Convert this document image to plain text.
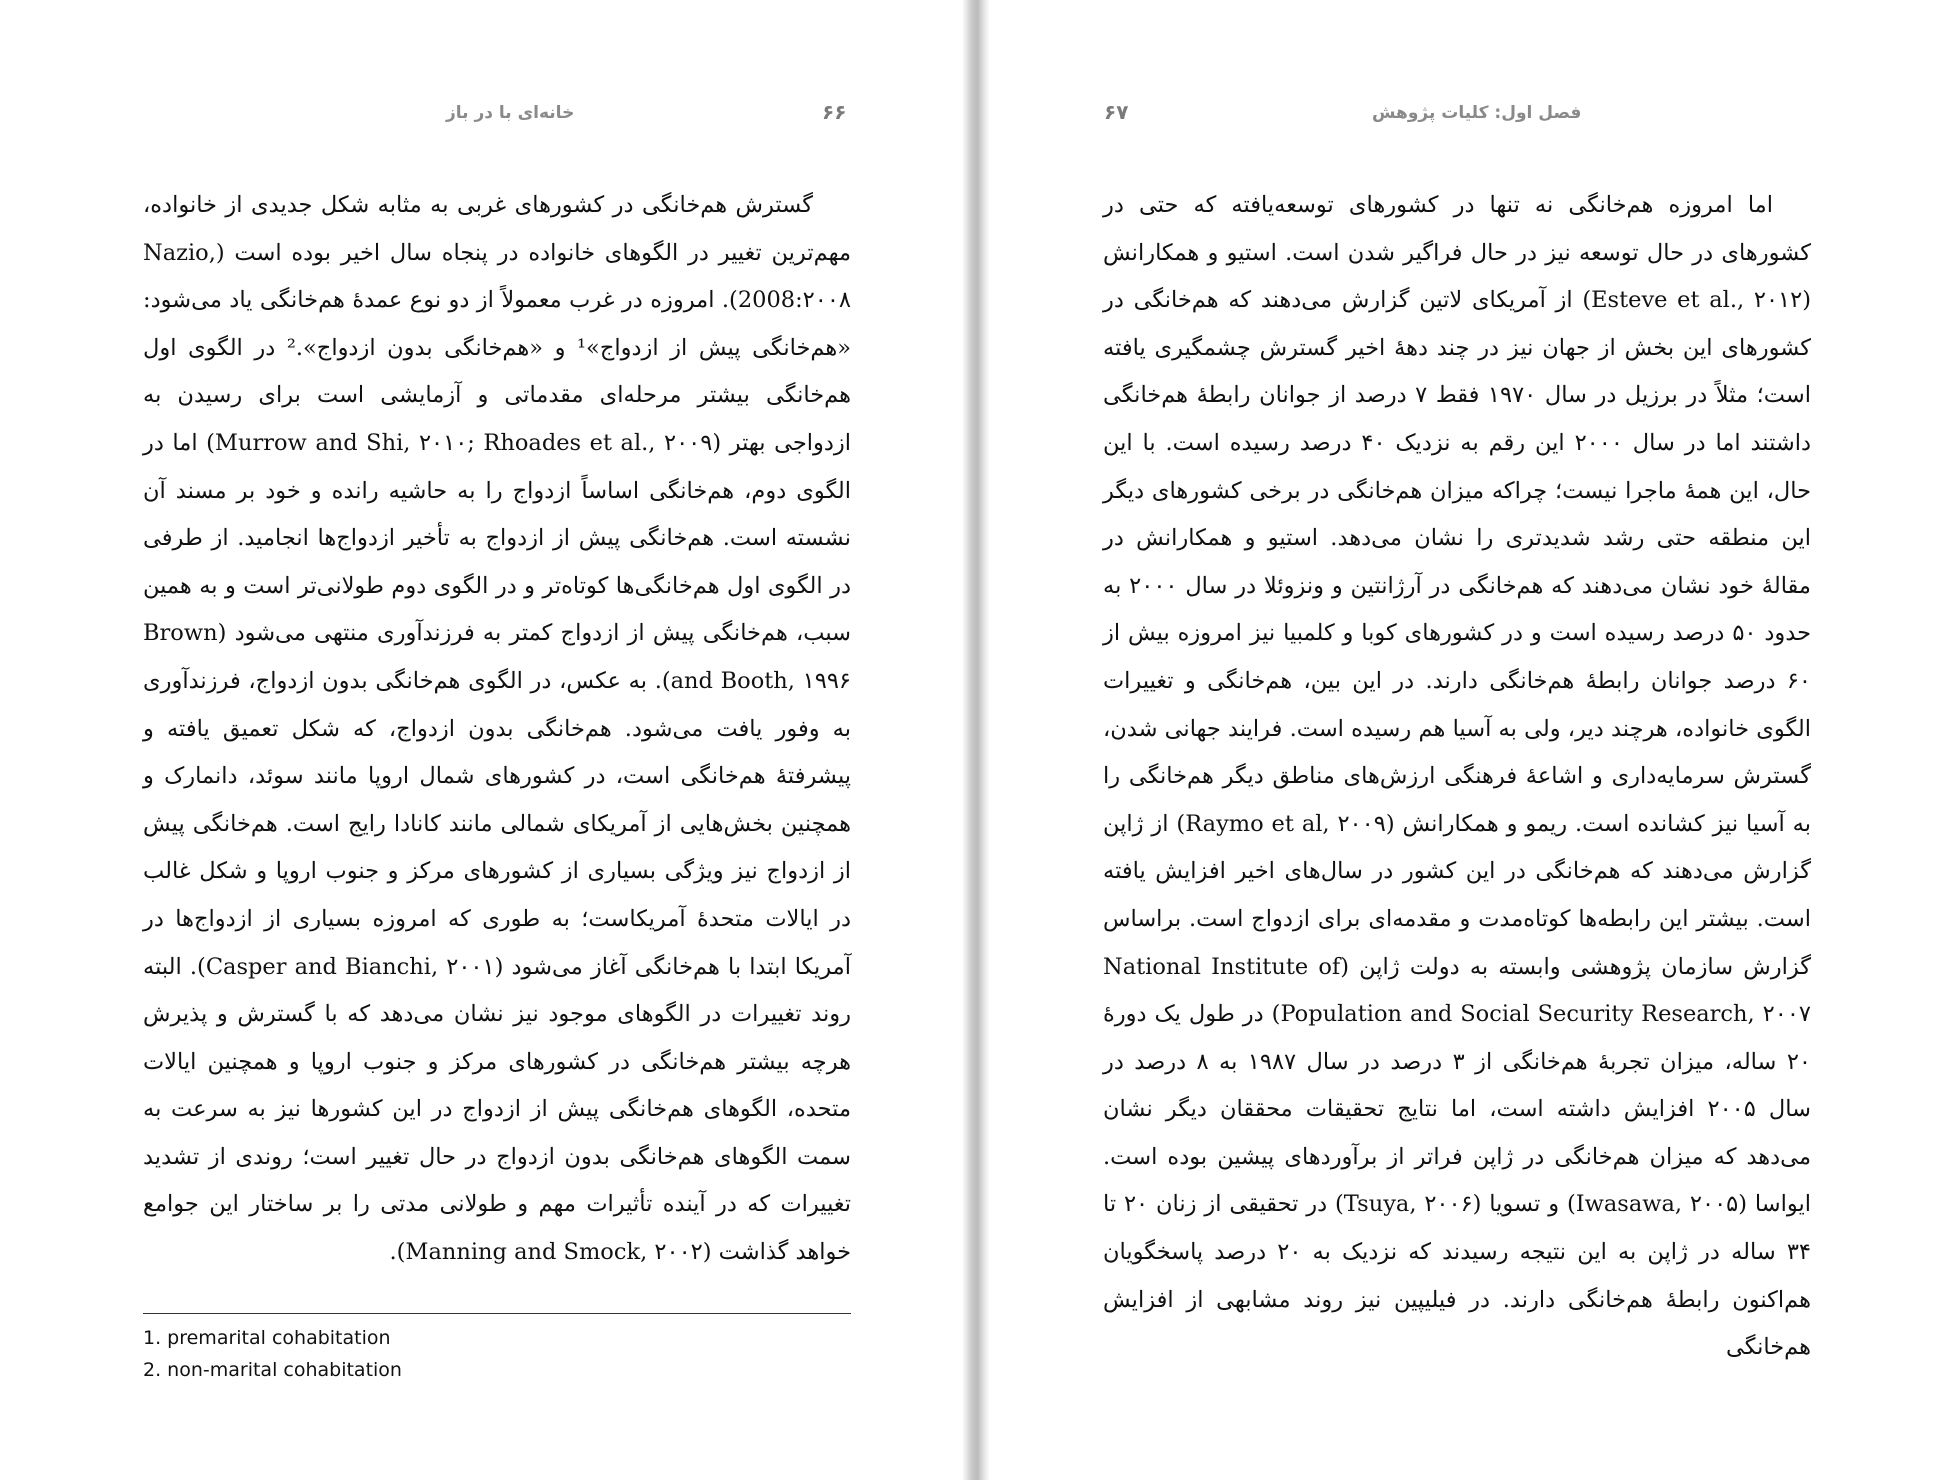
خانه‌ای با در باز	۶۶

گسترش هم‌خانگی در کشورهای غربی به مثابه شکل جدیدی از خانواده، مهم‌ترین تغییر در الگوهای خانواده در پنجاه سال اخیر بوده است (Nazio, 2008:۲۰۰۸). امروزه در غرب معمولاً از دو نوع عمدهٔ هم‌خانگی یاد می‌شود: «هم‌خانگی پیش از ازدواج»¹ و «هم‌خانگی بدون ازدواج».² در الگوی اول هم‌خانگی بیشتر مرحله‌ای مقدماتی و آزمایشی است برای رسیدن به ازدواجی بهتر (Murrow and Shi, ۲۰۱۰; Rhoades et al., ۲۰۰۹) اما در الگوی دوم، هم‌خانگی اساساً ازدواج را به حاشیه رانده و خود بر مسند آن نشسته است. هم‌خانگی پیش از ازدواج به تأخیر ازدواج‌ها انجامید. از طرفی در الگوی اول هم‌خانگی‌ها کوتاه‌تر و در الگوی دوم طولانی‌تر است و به همین سبب، هم‌خانگی پیش از ازدواج کمتر به فرزندآوری منتهی می‌شود (Brown and Booth, ۱۹۹۶). به عکس، در الگوی هم‌خانگی بدون ازدواج، فرزندآوری به وفور یافت می‌شود. هم‌خانگی بدون ازدواج، که شکل تعمیق یافته و پیشرفتهٔ هم‌خانگی است، در کشورهای شمال اروپا مانند سوئد، دانمارک و همچنین بخش‌هایی از آمریکای شمالی مانند کانادا رایج است. هم‌خانگی پیش از ازدواج نیز ویژگی بسیاری از کشورهای مرکز و جنوب اروپا و شکل غالب در ایالات متحدهٔ آمریکاست؛ به طوری که امروزه بسیاری از ازدواج‌ها در آمریکا ابتدا با هم‌خانگی آغاز می‌شود (Casper and Bianchi, ۲۰۰۱). البته روند تغییرات در الگوهای موجود نیز نشان می‌دهد که با گسترش و پذیرش هرچه بیشتر هم‌خانگی در کشورهای مرکز و جنوب اروپا و همچنین ایالات متحده، الگوهای هم‌خانگی پیش از ازدواج در این کشورها نیز به سرعت به سمت الگوهای هم‌خانگی بدون ازدواج در حال تغییر است؛ روندی از تشدید تغییرات که در آینده تأثیرات مهم و طولانی مدتی را بر ساختار این جوامع خواهد گذاشت (Manning and Smock, ۲۰۰۲).

1. premarital cohabitation
2. non-marital cohabitation
فصل اول: کلیات پژوهش
۶۷

اما امروزه هم‌خانگی نه تنها در کشورهای توسعه‌یافته که حتی در کشورهای در حال توسعه نیز در حال فراگیر شدن است. استیو و همکارانش (Esteve et al., ۲۰۱۲) از آمریکای لاتین گزارش می‌دهند که هم‌خانگی در کشورهای این بخش از جهان نیز در چند دههٔ اخیر گسترش چشمگیری یافته است؛ مثلاً در برزیل در سال ۱۹۷۰ فقط ۷ درصد از جوانان رابطهٔ هم‌خانگی داشتند اما در سال ۲۰۰۰ این رقم به نزدیک ۴۰ درصد رسیده است. با این حال، این همهٔ ماجرا نیست؛ چراکه میزان هم‌خانگی در برخی کشورهای دیگر این منطقه حتی رشد شدیدتری را نشان می‌دهد. استیو و همکارانش در مقالهٔ خود نشان می‌دهند که هم‌خانگی در آرژانتین و ونزوئلا در سال ۲۰۰۰ به حدود ۵۰ درصد رسیده است و در کشورهای کوبا و کلمبیا نیز امروزه بیش از ۶۰ درصد جوانان رابطهٔ هم‌خانگی دارند. در این بین، هم‌خانگی و تغییرات الگوی خانواده، هرچند دیر، ولی به آسیا هم رسیده است. فرایند جهانی شدن، گسترش سرمایه‌داری و اشاعهٔ فرهنگی ارزش‌های مناطق دیگر هم‌خانگی را به آسیا نیز کشانده است. ریمو و همکارانش (Raymo et al, ۲۰۰۹) از ژاپن گزارش می‌دهند که هم‌خانگی در این کشور در سال‌های اخیر افزایش یافته است. بیشتر این رابطه‌ها کوتاه‌مدت و مقدمه‌ای برای ازدواج است. براساس گزارش سازمان پژوهشی وابسته به دولت ژاپن (National Institute of Population and Social Security Research, ۲۰۰۷) در طول یک دورهٔ ۲۰ ساله، میزان تجربهٔ هم‌خانگی از ۳ درصد در سال ۱۹۸۷ به ۸ درصد در سال ۲۰۰۵ افزایش داشته است، اما نتایج تحقیقات محققان دیگر نشان می‌دهد که میزان هم‌خانگی در ژاپن فراتر از برآوردهای پیشین بوده است. ایواسا (Iwasawa, ۲۰۰۵) و تسویا (Tsuya, ۲۰۰۶) در تحقیقی از زنان ۲۰ تا ۳۴ ساله در ژاپن به این نتیجه رسیدند که نزدیک به ۲۰ درصد پاسخگویان هم‌اکنون رابطهٔ هم‌خانگی دارند. در فیلیپین نیز روند مشابهی از افزایش هم‌خانگی
